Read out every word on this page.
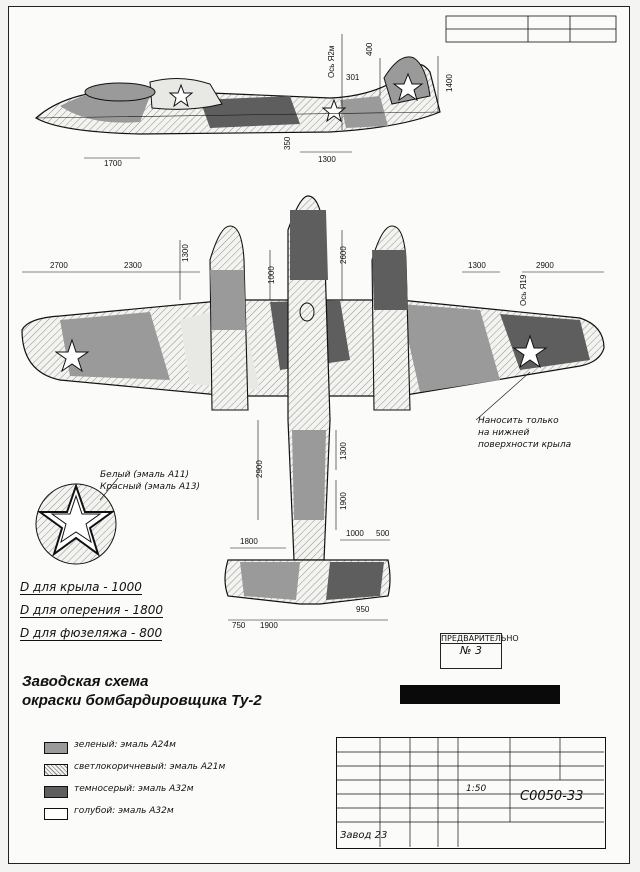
1700	1300
350
301
400
1400
Ось Я2м
2700	2300
1300
1000
2600
1300	2900
Ось Я19
2900
1300
1900
1800
1000 500
750 1900
950
Белый (эмаль А11)
Красный (эмаль А13)
D для крыла - 1000
D для оперения - 1800
D для фюзеляжа - 800
Наносить только
на нижней
поверхности крыла
ПРЕДВАРИТЕЛЬНО
№ 3
Заводская схема
окраски бомбардировщика Ту-2
зеленый: эмаль А24м
светлокоричневый: эмаль А21м
темносерый: эмаль А32м
голубой: эмаль А32м
С0050-33
Завод 23
1:50
